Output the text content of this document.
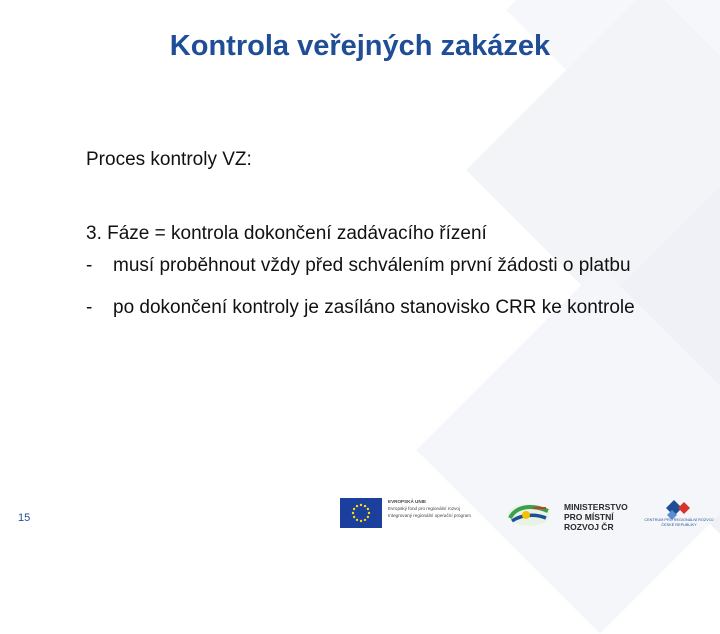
Kontrola veřejných zakázek

Proces kontroly VZ:

3. Fáze = kontrola dokončení zadávacího řízení

- musí proběhnout vždy před schválením první žádosti o platbu
- po dokončení kontroly je zasíláno stanovisko CRR ke kontrole
15
EVROPSKÁ UNIE
Evropský fond pro regionální rozvoj
Integrovaný regionální operační program
MINISTERSTVO
PRO MÍSTNÍ
ROZVOJ ČR
CENTRUM PRO REGIONÁLNÍ ROZVOJ ČESKÉ REPUBLIKY
